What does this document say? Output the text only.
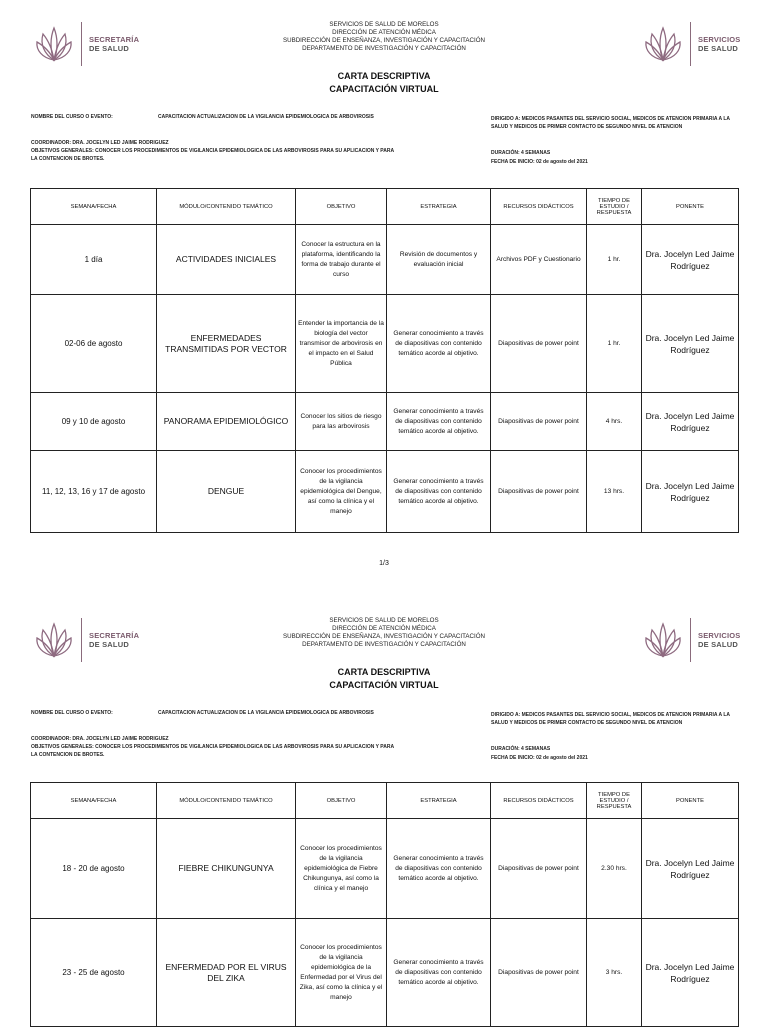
SECRETARÍA
DE SALUD
SERVICIOS DE SALUD DE MORELOS
DIRECCIÓN DE ATENCIÓN MÉDICA
SUBDIRECCIÓN DE ENSEÑANZA, INVESTIGACIÓN Y CAPACITACIÓN
DEPARTAMENTO DE INVESTIGACIÓN Y CAPACITACIÓN
SERVICIOS
DE SALUD
CARTA DESCRIPTIVA
CAPACITACIÓN VIRTUAL
NOMBRE DEL CURSO O EVENTO:	CAPACITACION ACTUALIZACION DE LA VIGILANCIA EPIDEMIOLOGICA DE ARBOVIROSIS
COORDINADOR: DRA. JOCELYN LED JAIME RODRIGUEZ
OBJETIVOS GENERALES: CONOCER LOS PROCEDIMIENTOS DE VIGILANCIA EPIDEMIOLOGICA DE LAS ARBOVIROSIS PARA SU APLICACION Y PARA LA CONTENCION DE BROTES.
DIRIGIDO A: MEDICOS PASANTES DEL SERVICIO SOCIAL, MEDICOS DE ATENCION PRIMARIA A LA SALUD Y MEDICOS DE PRIMER CONTACTO DE SEGUNDO NIVEL DE ATENCION
DURACIÓN: 4 SEMANAS
FECHA DE INICIO: 02 de agosto del 2021
SEMANA/FECHA	MÓDULO/CONTENIDO TEMÁTICO	OBJETIVO	ESTRATEGIA	RECURSOS DIDÁCTICOS	TIEMPO DE ESTUDIO / RESPUESTA	PONENTE
1 día	ACTIVIDADES INICIALES	Conocer la estructura en la plataforma, identificando la forma de trabajo durante el curso	Revisión de documentos y evaluación inicial	Archivos PDF y Cuestionario	1 hr.	Dra. Jocelyn Led Jaime Rodríguez
02-06 de agosto	ENFERMEDADES TRANSMITIDAS POR VECTOR	Entender la importancia de la biología del vector transmisor de arbovirosis en el impacto en el Salud Pública	Generar conocimiento a través de diapositivas con contenido temático acorde al objetivo.	Diapositivas de power point	1 hr.	Dra. Jocelyn Led Jaime Rodríguez
09 y 10 de agosto	PANORAMA EPIDEMIOLÓGICO	Conocer los sitios de riesgo para las arbovirosis	Generar conocimiento a través de diapositivas con contenido temático acorde al objetivo.	Diapositivas de power point	4 hrs.	Dra. Jocelyn Led Jaime Rodríguez
11, 12, 13, 16 y 17 de agosto	DENGUE	Conocer los procedimientos de la vigilancia epidemiológica del Dengue, así como la clínica y el manejo	Generar conocimiento a través de diapositivas con contenido temático acorde al objetivo.	Diapositivas de power point	13 hrs.	Dra. Jocelyn Led Jaime Rodríguez
1/3
SECRETARÍA
DE SALUD
SERVICIOS DE SALUD DE MORELOS
DIRECCIÓN DE ATENCIÓN MÉDICA
SUBDIRECCIÓN DE ENSEÑANZA, INVESTIGACIÓN Y CAPACITACIÓN
DEPARTAMENTO DE INVESTIGACIÓN Y CAPACITACIÓN
SERVICIOS
DE SALUD
CARTA DESCRIPTIVA
CAPACITACIÓN VIRTUAL
NOMBRE DEL CURSO O EVENTO:	CAPACITACION ACTUALIZACION DE LA VIGILANCIA EPIDEMIOLOGICA DE ARBOVIROSIS
COORDINADOR: DRA. JOCELYN LED JAIME RODRIGUEZ
OBJETIVOS GENERALES: CONOCER LOS PROCEDIMIENTOS DE VIGILANCIA EPIDEMIOLOGICA DE LAS ARBOVIROSIS PARA SU APLICACION Y PARA LA CONTENCION DE BROTES.
DIRIGIDO A: MEDICOS PASANTES DEL SERVICIO SOCIAL, MEDICOS DE ATENCION PRIMARIA A LA SALUD Y MEDICOS DE PRIMER CONTACTO DE SEGUNDO NIVEL DE ATENCION
DURACIÓN: 4 SEMANAS
FECHA DE INICIO: 02 de agosto del 2021
SEMANA/FECHA	MÓDULO/CONTENIDO TEMÁTICO	OBJETIVO	ESTRATEGIA	RECURSOS DIDÁCTICOS	TIEMPO DE ESTUDIO / RESPUESTA	PONENTE
18 - 20 de agosto	FIEBRE CHIKUNGUNYA	Conocer los procedimientos de la vigilancia epidemiológica de Fiebre Chikungunya, así como la clínica y el manejo	Generar conocimiento a través de diapositivas con contenido temático acorde al objetivo.	Diapositivas de power point	2.30 hrs.	Dra. Jocelyn Led Jaime Rodríguez
23 - 25 de agosto	ENFERMEDAD POR EL VIRUS DEL ZIKA	Conocer los procedimientos de la vigilancia epidemiológica de la Enfermedad por el Virus del Zika, así como la clínica y el manejo	Generar conocimiento a través de diapositivas con contenido temático acorde al objetivo.	Diapositivas de power point	3 hrs.	Dra. Jocelyn Led Jaime Rodríguez
